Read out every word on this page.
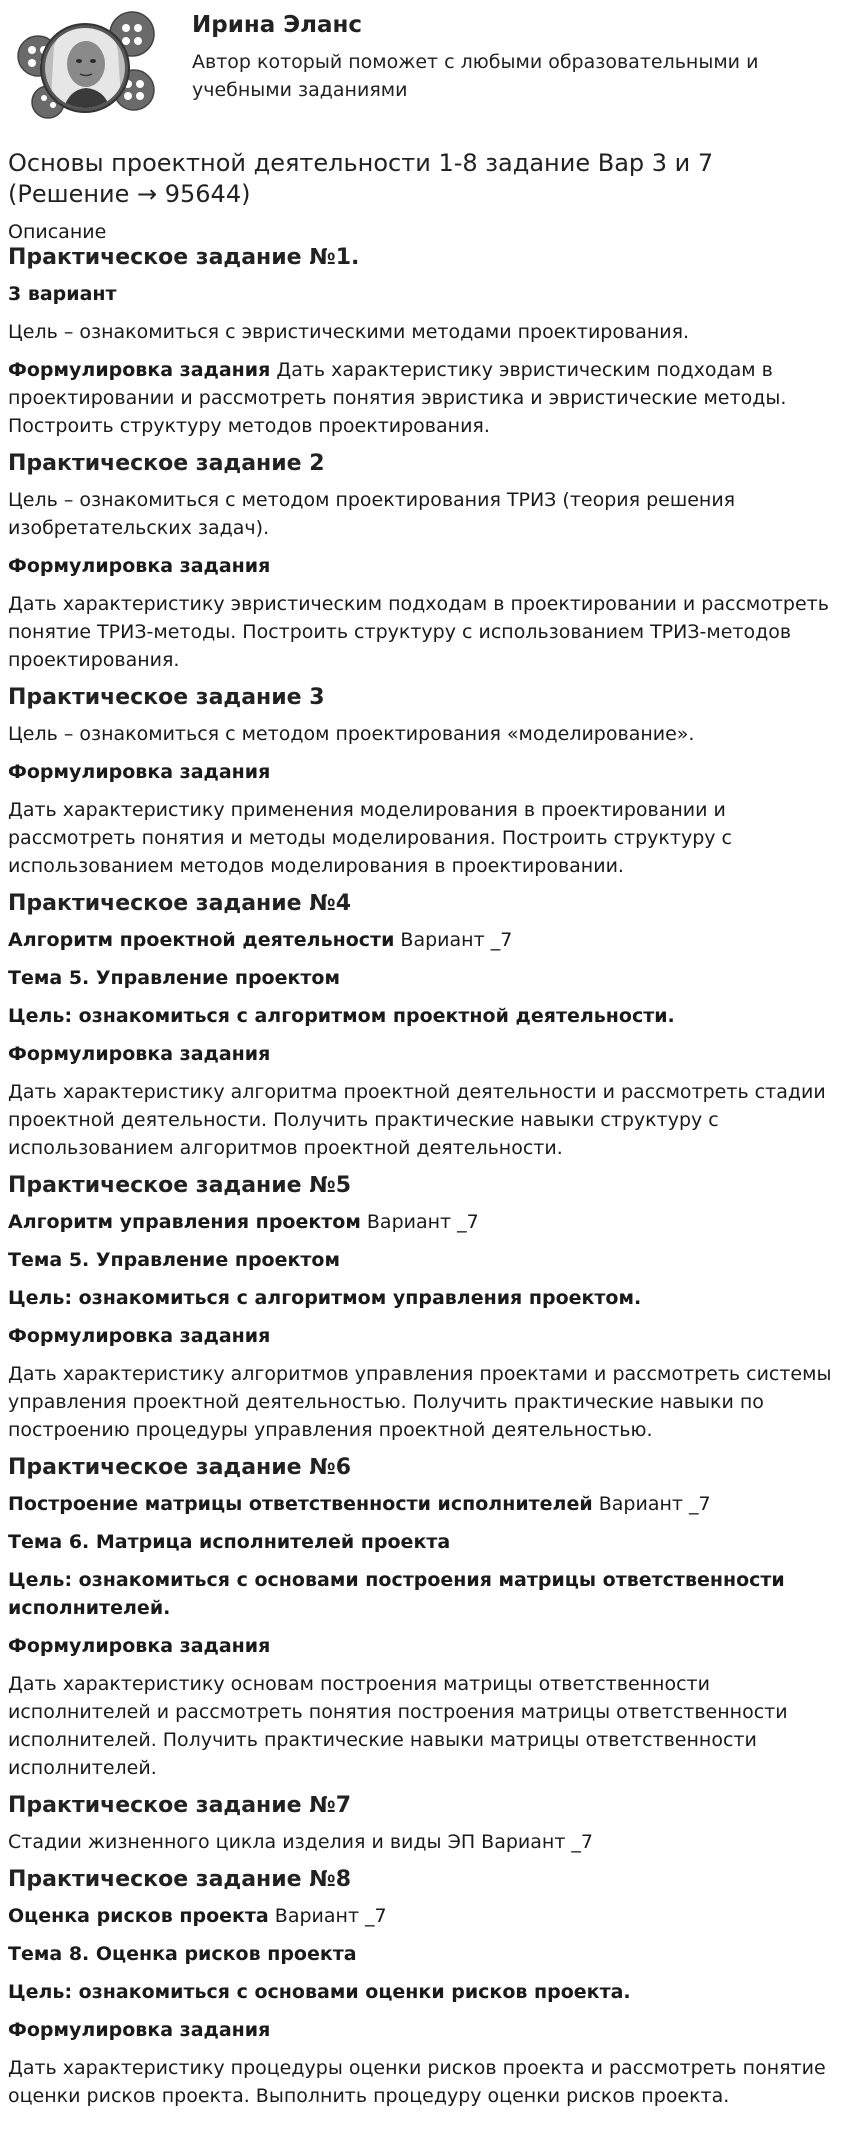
Ирина Эланс
Автор который поможет с любыми образовательными и учебными заданиями
Основы проектной деятельности 1-8 задание Вар 3 и 7 (Решение → 95644)
Описание
Практическое задание №1.

3 вариант

Цель – ознакомиться с эвристическими методами проектирования.

Формулировка задания Дать характеристику эвристическим подходам в проектировании и рассмотреть понятия эвристика и эвристические методы. Построить структуру методов проектирования.

Практическое задание 2

Цель – ознакомиться с методом проектирования ТРИЗ (теория решения изобретательских задач).

Формулировка задания

Дать характеристику эвристическим подходам в проектировании и рассмотреть понятие ТРИЗ-методы. Построить структуру с использованием ТРИЗ-методов проектирования.

Практическое задание 3

Цель – ознакомиться с методом проектирования «моделирование».

Формулировка задания

Дать характеристику применения моделирования в проектировании и рассмотреть понятия и методы моделирования. Построить структуру с использованием методов моделирования в проектировании.

Практическое задание №4

Алгоритм проектной деятельности Вариант _7

Тема 5. Управление проектом

Цель: ознакомиться с алгоритмом проектной деятельности.

Формулировка задания

Дать характеристику алгоритма проектной деятельности и рассмотреть стадии проектной деятельности. Получить практические навыки структуру с использованием алгоритмов проектной деятельности.

Практическое задание №5

Алгоритм управления проектом Вариант _7

Тема 5. Управление проектом

Цель: ознакомиться с алгоритмом управления проектом.

Формулировка задания

Дать характеристику алгоритмов управления проектами и рассмотреть системы управления проектной деятельностью. Получить практические навыки по построению процедуры управления проектной деятельностью.

Практическое задание №6

Построение матрицы ответственности исполнителей Вариант _7

Тема 6. Матрица исполнителей проекта

Цель: ознакомиться с основами построения матрицы ответственности исполнителей.

Формулировка задания

Дать характеристику основам построения матрицы ответственности исполнителей и рассмотреть понятия построения матрицы ответственности исполнителей. Получить практические навыки матрицы ответственности исполнителей.

Практическое задание №7

Стадии жизненного цикла изделия и виды ЭП Вариант _7

Практическое задание №8

Оценка рисков проекта Вариант _7

Тема 8. Оценка рисков проекта

Цель: ознакомиться с основами оценки рисков проекта.

Формулировка задания

Дать характеристику процедуры оценки рисков проекта и рассмотреть понятие оценки рисков проекта. Выполнить процедуру оценки рисков проекта.
